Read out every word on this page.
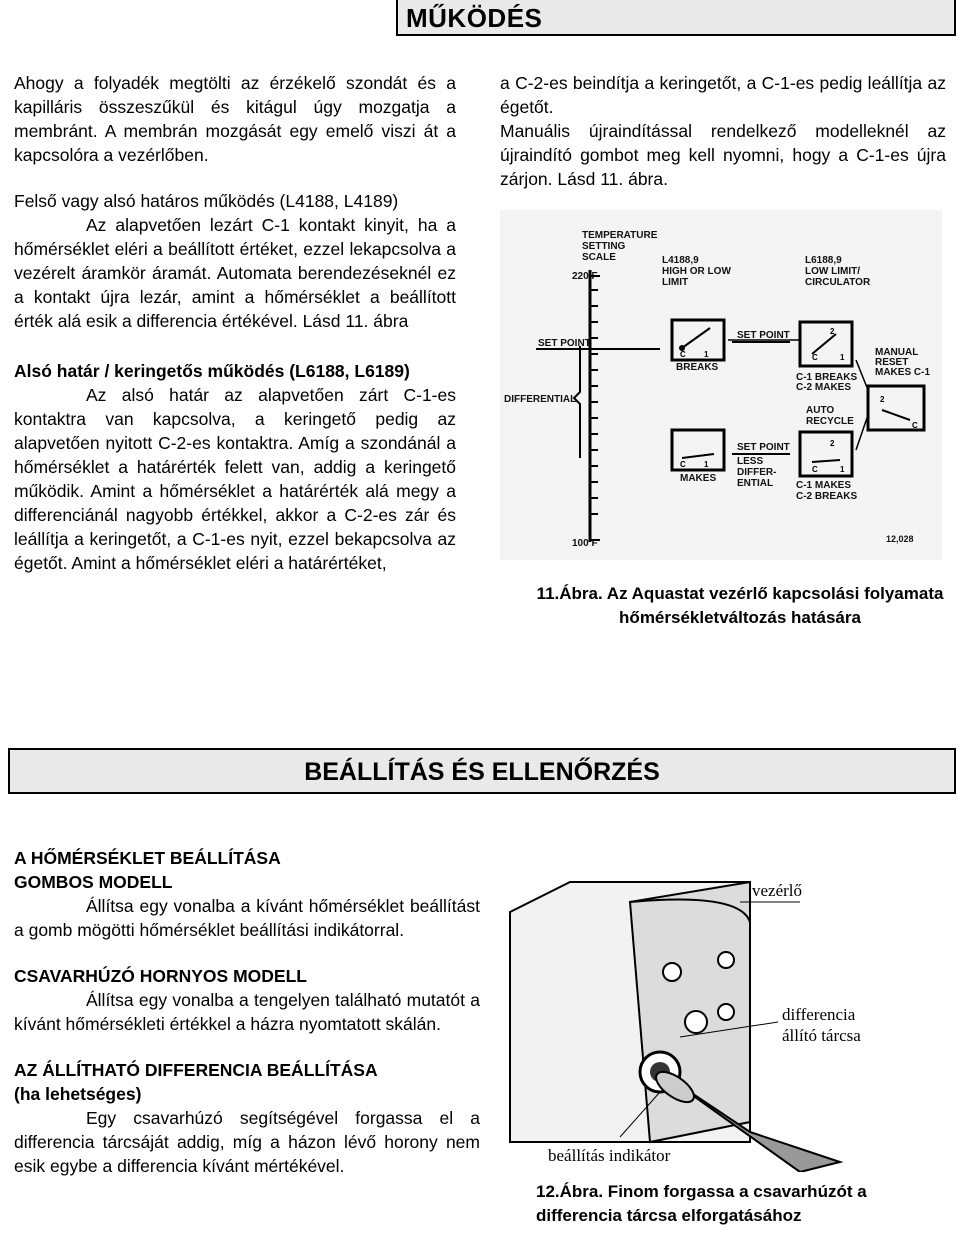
MŰKÖDÉS

Ahogy a folyadék megtölti az érzékelő szondát és a kapilláris összeszűkül és kitágul úgy mozgatja a membránt. A membrán mozgását egy emelő viszi át a kapcsolóra a vezérlőben.

Felső vagy alsó határos működés (L4188, L4189)

Az alapvetően lezárt C-1 kontakt kinyit, ha a hőmérséklet eléri a beállított értéket, ezzel lekapcsolva a vezérelt áramkör áramát. Automata berendezéseknél ez a kontakt újra lezár, amint a hőmérséklet a beállított érték alá esik a differencia értékével. Lásd 11. ábra

Alsó határ / keringetős működés (L6188, L6189)

Az alsó határ az alapvetően zárt C-1-es kontaktra van kapcsolva, a keringető pedig az alapvetően nyitott C-2-es kontaktra. Amíg a szondánál a hőmérséklet a határérték felett van, addig a keringető működik. Amint a hőmérséklet a határérték alá megy a differenciánál nagyobb értékkel, akkor a C-2-es zár és leállítja a keringetőt, a C-1-es nyit, ezzel bekapcsolva az égetőt. Amint a hőmérséklet eléri a határértéket,

a C-2-es beindítja a keringetőt, a C-1-es pedig leállítja az égetőt.

Manuális újraindítással rendelkező modelleknél az újraindító gombot meg kell nyomni, hogy a C-1-es újra zárjon. Lásd 11. ábra.

TEMPERATURE
SETTING
SCALE
220 F
100 F
L4188,9
HIGH OR LOW
LIMIT
L6188,9
LOW LIMIT/
CIRCULATOR
SET POINT
SET POINT
BREAKS
C-1 BREAKS
C-2 MAKES
MANUAL
RESET
MAKES C-1
DIFFERENTIAL
AUTO
RECYCLE
SET POINT
LESS
DIFFER-
ENTIAL
MAKES
C-1 MAKES
C-2 BREAKS
12,028
C 1
2
C	1
2
C
C 1
2
C	1
11.Ábra. Az Aquastat vezérlő kapcsolási folyamata hőmérsékletváltozás hatására
BEÁLLÍTÁS ÉS ELLENŐRZÉS

A HŐMÉRSÉKLET BEÁLLÍTÁSA

GOMBOS MODELL

Állítsa egy vonalba a kívánt hőmérséklet beállítást a gomb mögötti hőmérséklet beállítási indikátorral.

CSAVARHÚZÓ HORNYOS MODELL

Állítsa egy vonalba a tengelyen található mutatót a kívánt hőmérsékleti értékkel a házra nyomtatott skálán.

AZ ÁLLÍTHATÓ DIFFERENCIA BEÁLLÍTÁSA

(ha lehetséges)

Egy csavarhúzó segítségével forgassa el a differencia tárcsáját addig, míg a házon lévő horony nem esik egybe a differencia kívánt mértékével.

vezérlő
differencia állító tárcsa
beállítás indikátor
12.Ábra. Finom forgassa a csavarhúzót a differencia tárcsa elforgatásához
